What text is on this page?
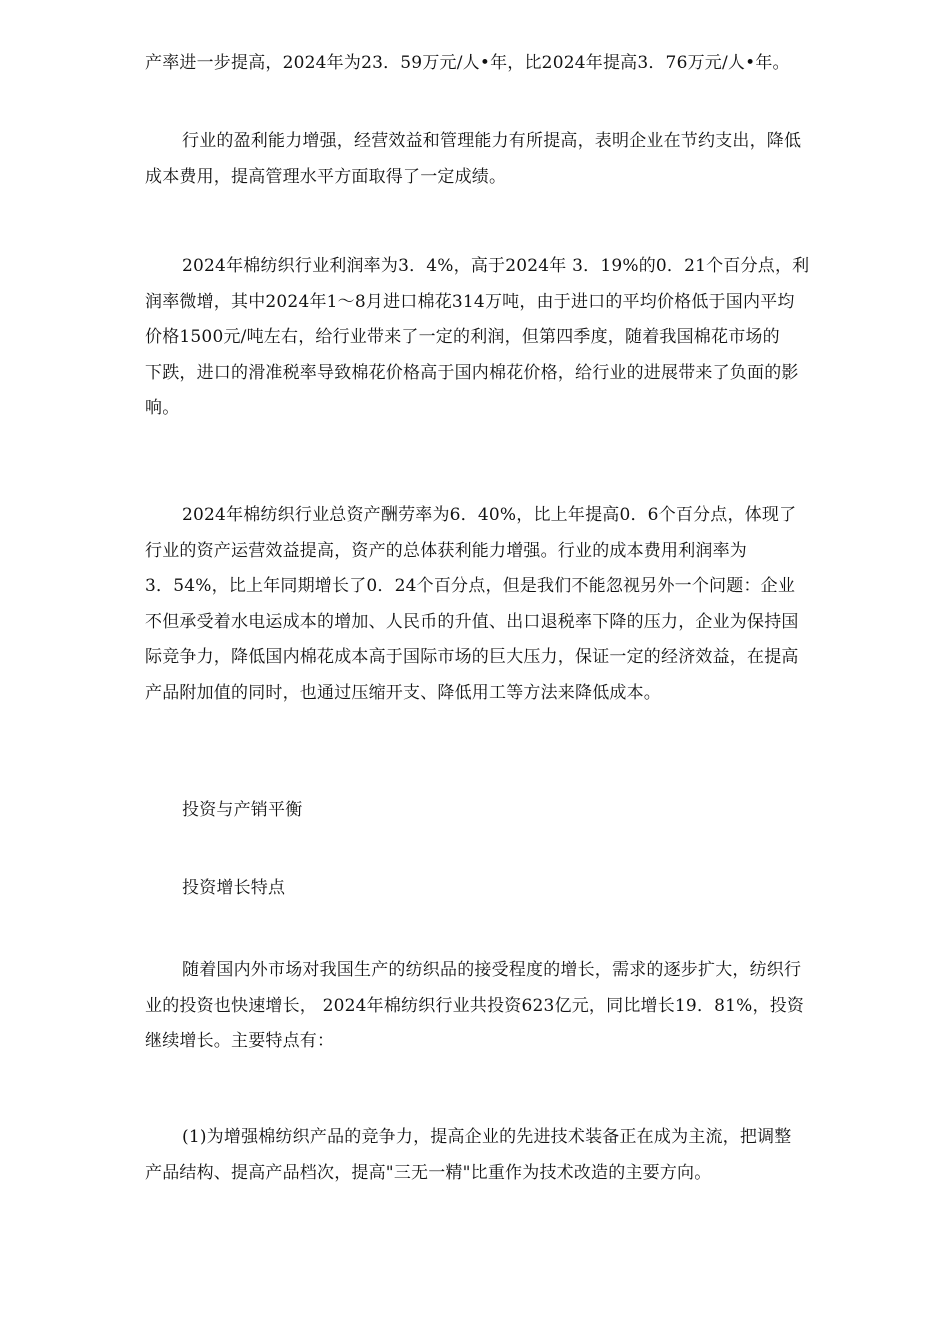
产率进一步提高，2024年为23．59万元/人•年，比2024年提高3．76万元/人•年。
行业的盈利能力增强，经营效益和管理能力有所提高，表明企业在节约支出，降低
成本费用，提高管理水平方面取得了一定成绩。
2024年棉纺织行业利润率为3．4%，高于2024年 3．19%的0．21个百分点，利
润率微增，其中2024年1～8月进口棉花314万吨，由于进口的平均价格低于国内平均
价格1500元/吨左右，给行业带来了一定的利润，但第四季度，随着我国棉花市场的
下跌，进口的滑准税率导致棉花价格高于国内棉花价格，给行业的进展带来了负面的影
响。
2024年棉纺织行业总资产酬劳率为6．40%，比上年提高0．6个百分点，体现了
行业的资产运营效益提高，资产的总体获利能力增强。行业的成本费用利润率为
3．54%，比上年同期增长了0．24个百分点，但是我们不能忽视另外一个问题：企业
不但承受着水电运成本的增加、人民币的升值、出口退税率下降的压力，企业为保持国
际竞争力，降低国内棉花成本高于国际市场的巨大压力，保证一定的经济效益，在提高
产品附加值的同时，也通过压缩开支、降低用工等方法来降低成本。
投资与产销平衡
投资增长特点
随着国内外市场对我国生产的纺织品的接受程度的增长，需求的逐步扩大，纺织行
业的投资也快速增长， 2024年棉纺织行业共投资623亿元，同比增长19．81%，投资
继续增长。主要特点有：
(1)为增强棉纺织产品的竞争力，提高企业的先进技术装备正在成为主流，把调整
产品结构、提高产品档次，提高"三无一精"比重作为技术改造的主要方向。
